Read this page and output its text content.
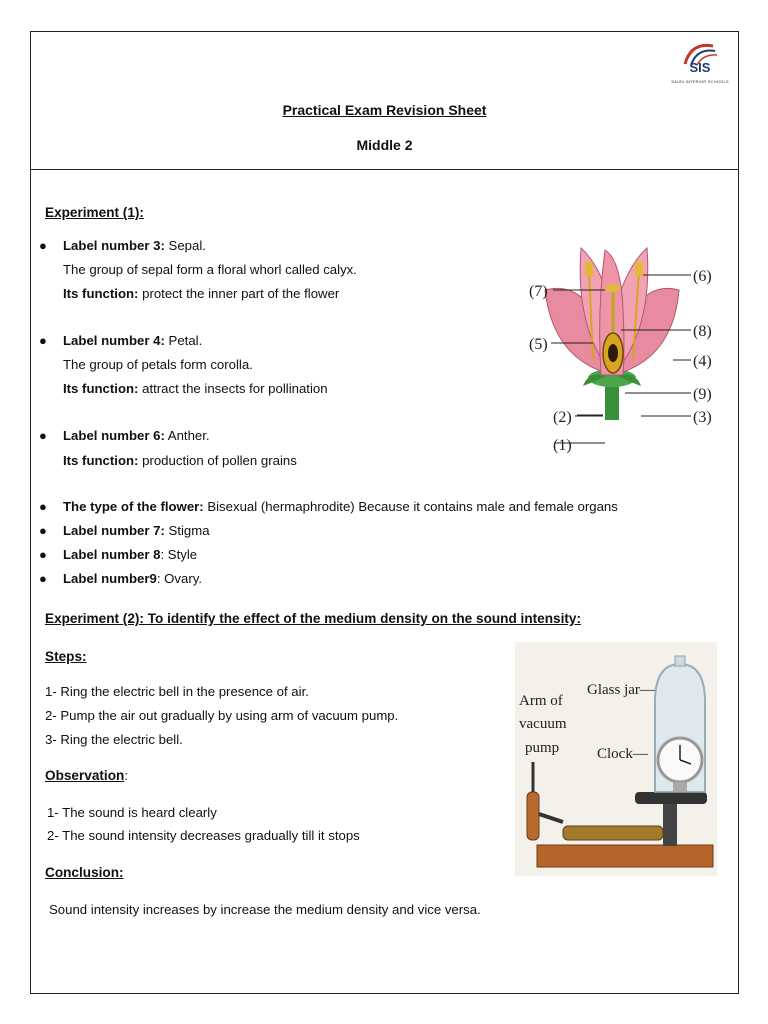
SIS
SAUDI INTERIOR SCHOOLS
Practical Exam Revision Sheet
Middle 2
Experiment (1):
● Label number 3: Sepal.
The group of sepal form a floral whorl called calyx.
Its function: protect the inner part of the flower
● Label number 4: Petal.
The group of petals form corolla.
Its function: attract the insects for pollination
● Label number 6: Anther.
Its function: production of pollen grains
● The type of the flower: Bisexual (hermaphrodite) Because it contains male and female organs
● Label number 7: Stigma
● Label number 8: Style
● Label number9: Ovary.
(7)
(5)
(2)
(1)
(6)
(8)
(4)
(9)
(3)
Experiment (2): To identify the effect of the medium density on the sound intensity:
Steps:
1- Ring the electric bell in the presence of air.
2- Pump the air out gradually by using arm of vacuum pump.
3- Ring the electric bell.
Observation:
1- The sound is heard clearly
2- The sound intensity decreases gradually till it stops
Conclusion:
Sound intensity increases by increase the medium density and vice versa.
Arm of
vacuum
pump
Glass jar—
Clock—
